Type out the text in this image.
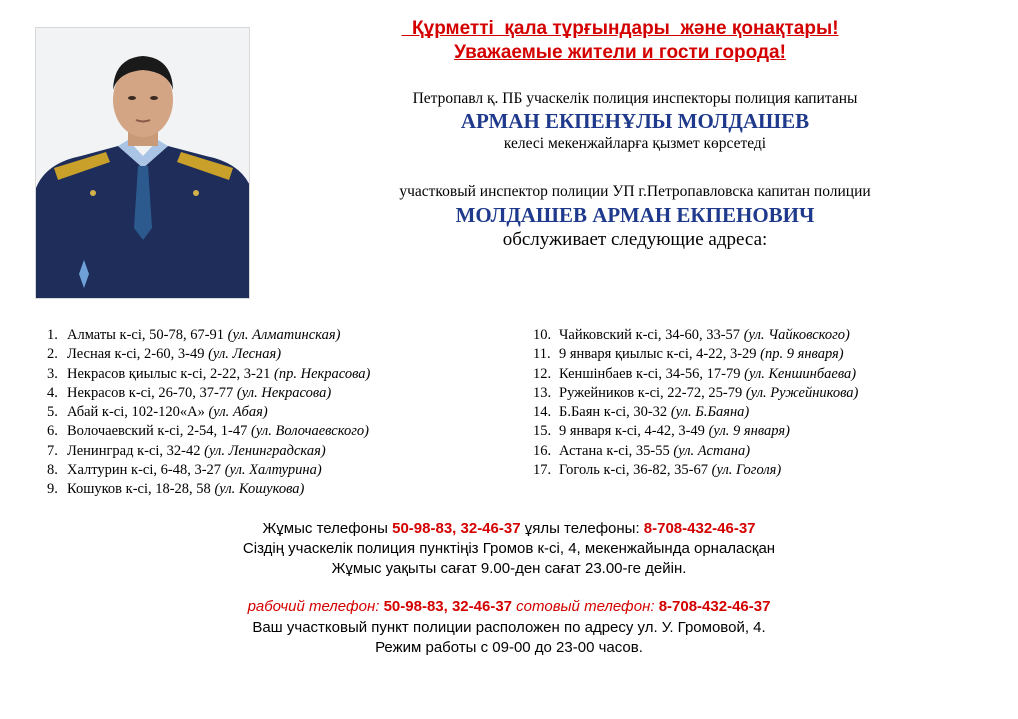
Құрметті  қала тұрғындары  және қонақтары!

Уважаемые жители и гости города!

Петропавл қ. ПБ учаскелік полиция инспекторы полиция капитаны

АРМАН ЕКПЕНҰЛЫ МОЛДАШЕВ

келесі мекенжайларға қызмет көрсетеді

участковый инспектор полиции УП г.Петропавловска капитан полиции

МОЛДАШЕВ АРМАН ЕКПЕНОВИЧ

обслуживает следующие адреса:

1. Алматы к-сі, 50-78, 67-91 (ул. Алматинская)
2. Лесная к-сі, 2-60, 3-49 (ул. Лесная)
3. Некрасов қиылыс к-сі, 2-22, 3-21 (пр. Некрасова)
4. Некрасов к-сі, 26-70, 37-77 (ул. Некрасова)
5. Абай к-сі, 102-120«А» (ул. Абая)
6. Волочаевский к-сі, 2-54, 1-47 (ул. Волочаевского)
7. Ленинград к-сі, 32-42 (ул. Ленинградская)
8. Халтурин к-сі, 6-48, 3-27 (ул. Халтурина)
9. Кошуков к-сі, 18-28, 58 (ул. Кошукова)
10. Чайковский к-сі, 34-60, 33-57 (ул. Чайковского)
11. 9 января қиылыс к-сі, 4-22, 3-29 (пр. 9 января)
12. Кеншінбаев к-сі, 34-56, 17-79 (ул. Кеншинбаева)
13. Ружейников к-сі, 22-72, 25-79 (ул. Ружейникова)
14. Б.Баян к-сі, 30-32 (ул. Б.Баяна)
15. 9 января к-сі, 4-42, 3-49 (ул. 9 января)
16. Астана к-сі, 35-55 (ул. Астана)
17. Гоголь к-сі, 36-82, 35-67 (ул. Гоголя)

Жұмыс телефоны 50-98-83, 32-46-37 ұялы телефоны: 8-708-432-46-37

Сіздің учаскелік полиция пунктіңіз Громов к-сі, 4, мекенжайында орналасқан

Жұмыс уақыты сағат 9.00-ден сағат 23.00-ге дейін.

рабочий телефон: 50-98-83, 32-46-37 сотовый телефон: 8-708-432-46-37

Ваш участковый пункт полиции расположен по адресу ул. У. Громовой, 4.

Режим работы с 09-00 до 23-00 часов.
